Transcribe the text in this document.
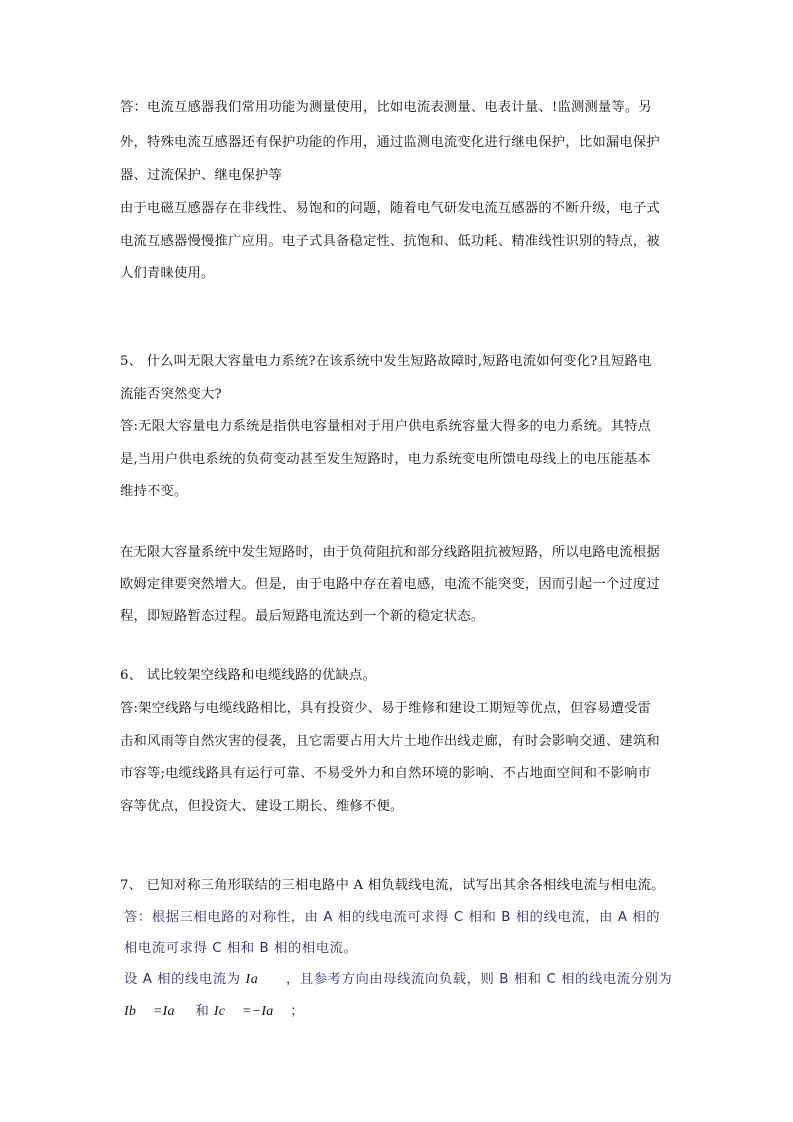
答：电流互感器我们常用功能为测量使用，比如电流表测量、电表计量、!监测测量等。另
外，特殊电流互感器还有保护功能的作用，通过监测电流变化进行继电保护，比如漏电保护
器、过流保护、继电保护等
由于电磁互感器存在非线性、易饱和的问题，随着电气研发电流互感器的不断升级，电子式
电流互感器慢慢推广应用。电子式具备稳定性、抗饱和、低功耗、精准线性识别的特点，被
人们青睐使用。
5、 什么叫无限大容量电力系统?在该系统中发生短路故障时,短路电流如何变化?且短路电
流能否突然变大?
答:无限大容量电力系统是指供电容量相对于用户供电系统容量大得多的电力系统。其特点
是,当用户供电系统的负荷变动甚至发生短路时，电力系统变电所馈电母线上的电压能基本
维持不变。
在无限大容量系统中发生短路时，由于负荷阻抗和部分线路阻抗被短路，所以电路电流根据
欧姆定律要突然增大。但是，由于电路中存在着电感，电流不能突变，因而引起一个过度过
程，即短路暂态过程。最后短路电流达到一个新的稳定状态。
6、 试比较架空线路和电缆线路的优缺点。
答:架空线路与电缆线路相比，具有投资少、易于维修和建设工期短等优点，但容易遭受雷
击和风雨等自然灾害的侵袭，且它需要占用大片土地作出线走廊，有时会影响交通、建筑和
市容等;电缆线路具有运行可靠、不易受外力和自然环境的影响、不占地面空间和不影响市
容等优点，但投资大、建设工期长、维修不便。
7、 已知对称三角形联结的三相电路中 A 相负载线电流，试写出其余各相线电流与相电流。
答：根据三相电路的对称性，由 A 相的线电流可求得 C 相和 B 相的线电流，由 A 相的
相电流可求得 C 相和 B 相的相电流。
设 A 相的线电流为 Ia ，且参考方向由母线流向负载，则 B 相和 C 相的线电流分别为
Ib =Ia 和 Ic =−Ia ；
